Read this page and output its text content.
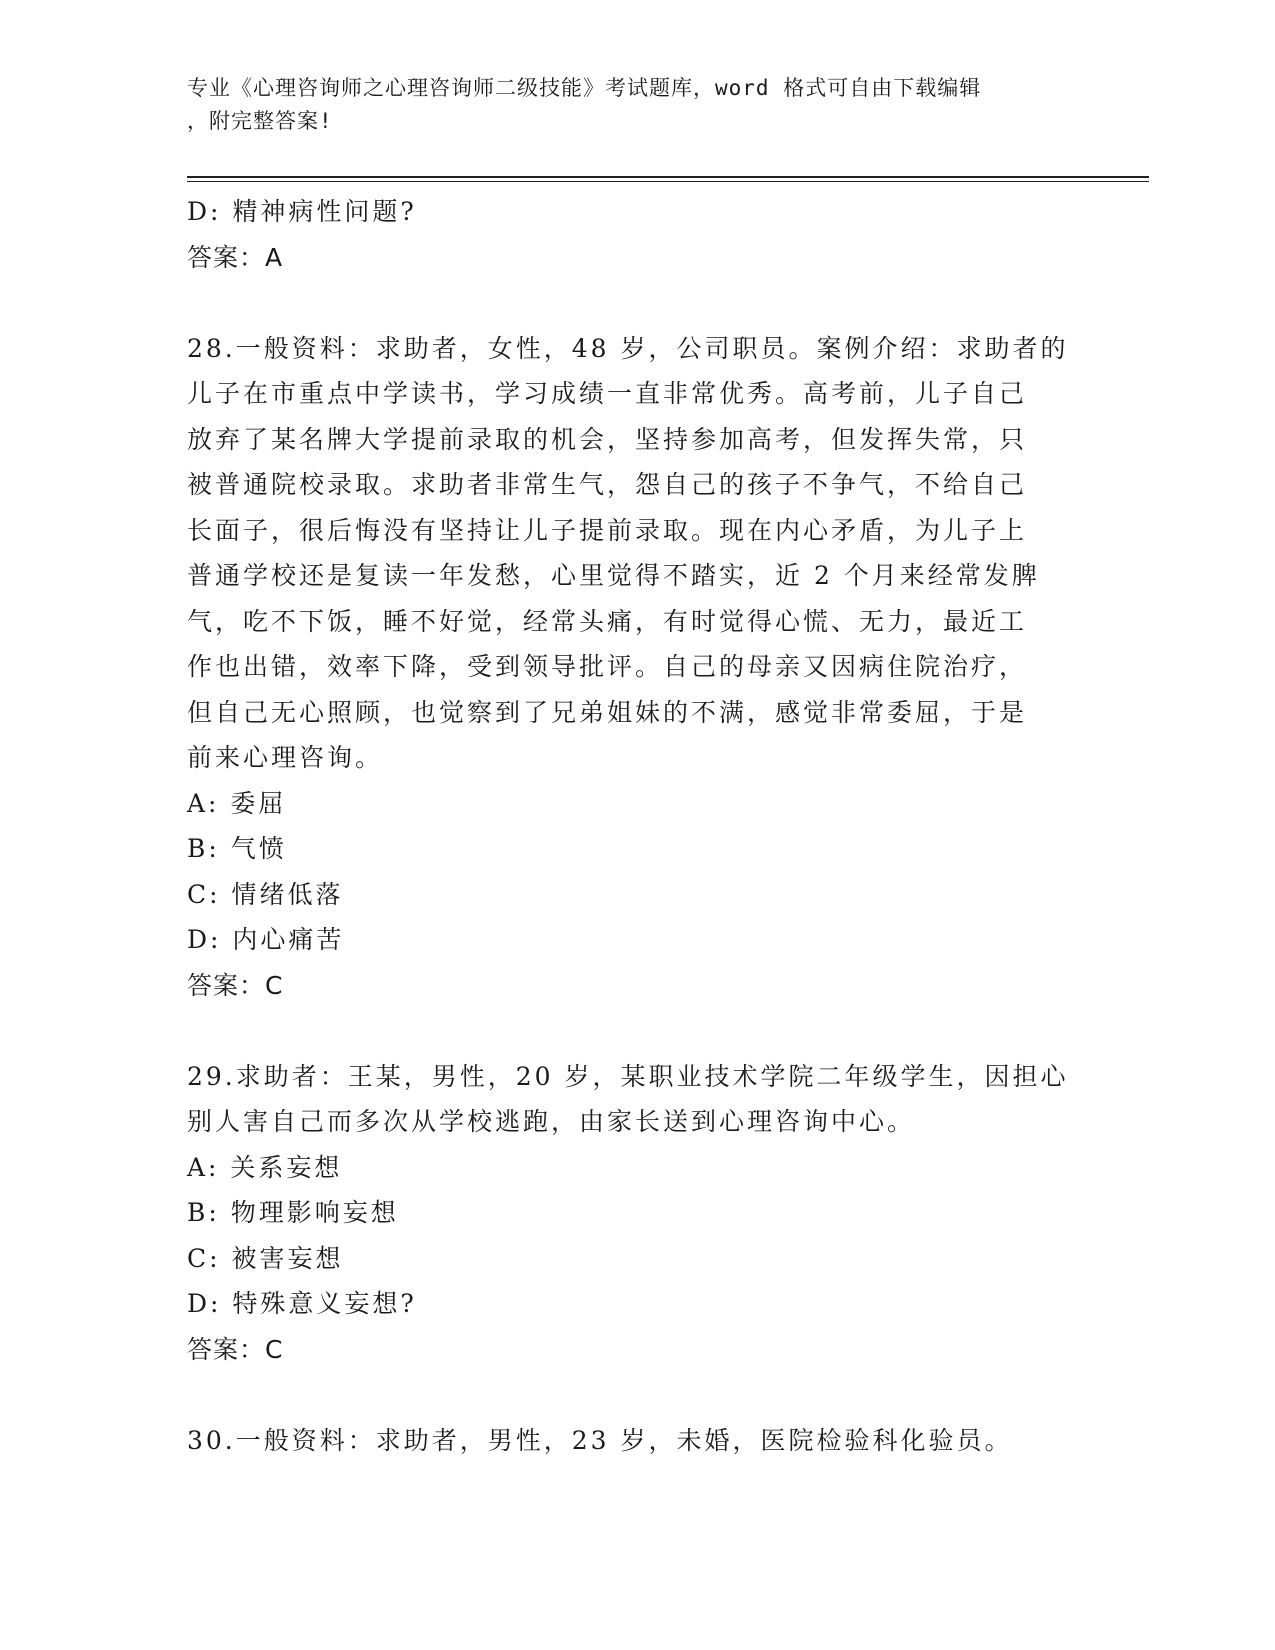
专业《心理咨询师之心理咨询师二级技能》考试题库，word 格式可自由下载编辑
，附完整答案!
D: 精神病性问题?
答案：A
28.一般资料：求助者，女性，48 岁，公司职员。案例介绍：求助者的
儿子在市重点中学读书，学习成绩一直非常优秀。高考前，儿子自己
放弃了某名牌大学提前录取的机会，坚持参加高考，但发挥失常，只
被普通院校录取。求助者非常生气，怨自己的孩子不争气，不给自己
长面子，很后悔没有坚持让儿子提前录取。现在内心矛盾，为儿子上
普通学校还是复读一年发愁，心里觉得不踏实，近 2 个月来经常发脾
气，吃不下饭，睡不好觉，经常头痛，有时觉得心慌、无力，最近工
作也出错，效率下降，受到领导批评。自己的母亲又因病住院治疗，
但自己无心照顾，也觉察到了兄弟姐妹的不满，感觉非常委屈，于是
前来心理咨询。
A: 委屈
B: 气愤
C: 情绪低落
D: 内心痛苦
答案：C
29.求助者：王某，男性，20 岁，某职业技术学院二年级学生，因担心
别人害自己而多次从学校逃跑，由家长送到心理咨询中心。
A: 关系妄想
B: 物理影响妄想
C: 被害妄想
D: 特殊意义妄想?
答案：C
30.一般资料：求助者，男性，23 岁，未婚，医院检验科化验员。
